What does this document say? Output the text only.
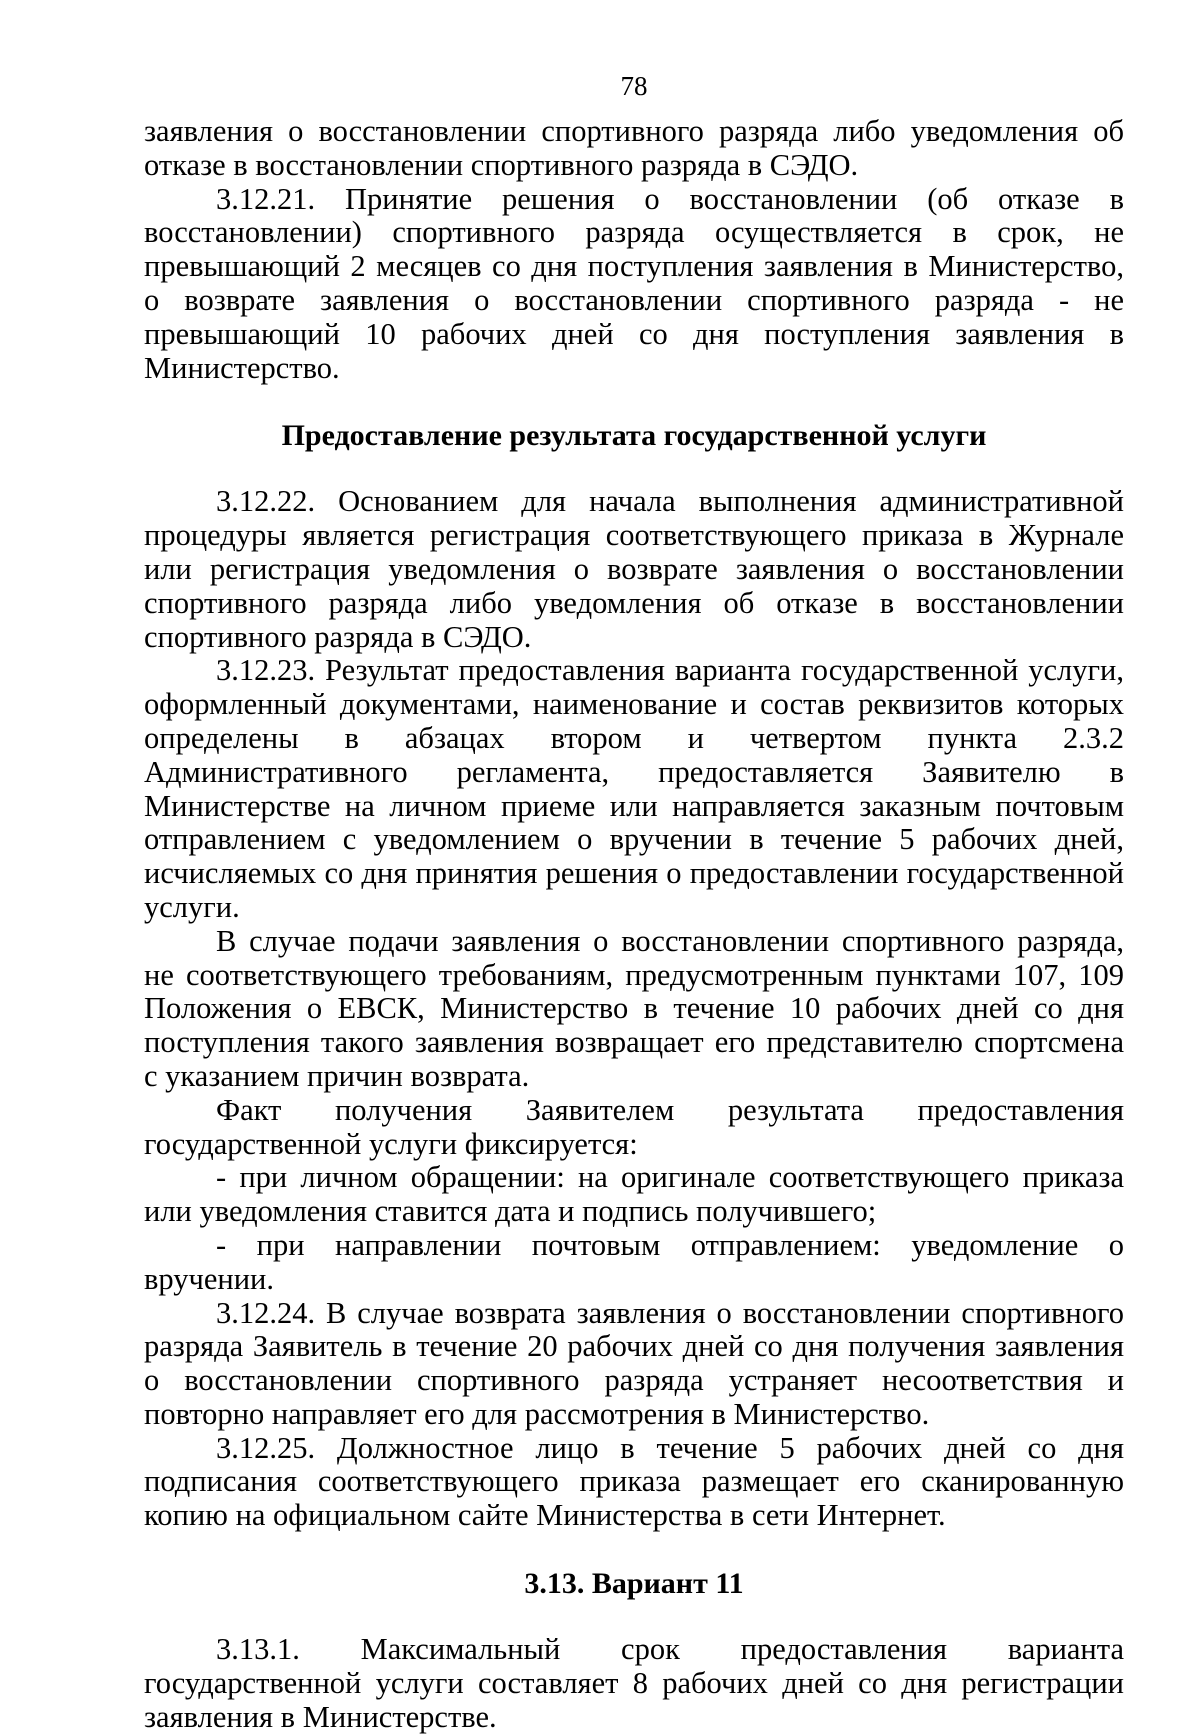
78

заявления о восстановлении спортивного разряда либо уведомления об отказе в восстановлении спортивного разряда в СЭДО.

3.12.21. Принятие решения о восстановлении (об отказе в восстановлении) спортивного разряда осуществляется в срок, не превышающий 2 месяцев со дня поступления заявления в Министерство, о возврате заявления о восстановлении спортивного разряда - не превышающий 10 рабочих дней со дня поступления заявления в Министерство.

Предоставление результата государственной услуги

3.12.22. Основанием для начала выполнения административной процедуры является регистрация соответствующего приказа в Журнале или регистрация уведомления о возврате заявления о восстановлении спортивного разряда либо уведомления об отказе в восстановлении спортивного разряда в СЭДО.

3.12.23. Результат предоставления варианта государственной услуги, оформленный документами, наименование и состав реквизитов которых определены в абзацах втором и четвертом пункта 2.3.2 Административного регламента, предоставляется Заявителю в Министерстве на личном приеме или направляется заказным почтовым отправлением с уведомлением о вручении в течение 5 рабочих дней, исчисляемых со дня принятия решения о предоставлении государственной услуги.

В случае подачи заявления о восстановлении спортивного разряда, не соответствующего требованиям, предусмотренным пунктами 107, 109 Положения о ЕВСК, Министерство в течение 10 рабочих дней со дня поступления такого заявления возвращает его представителю спортсмена с указанием причин возврата.

Факт получения Заявителем результата предоставления государственной услуги фиксируется:

- при личном обращении: на оригинале соответствующего приказа или уведомления ставится дата и подпись получившего;

- при направлении почтовым отправлением: уведомление о вручении.

3.12.24. В случае возврата заявления о восстановлении спортивного разряда Заявитель в течение 20 рабочих дней со дня получения заявления о восстановлении спортивного разряда устраняет несоответствия и повторно направляет его для рассмотрения в Министерство.

3.12.25. Должностное лицо в течение 5 рабочих дней со дня подписания соответствующего приказа размещает его сканированную копию на официальном сайте Министерства в сети Интернет.

3.13. Вариант 11

3.13.1. Максимальный срок предоставления варианта государственной услуги составляет 8 рабочих дней со дня регистрации заявления в Министерстве.
